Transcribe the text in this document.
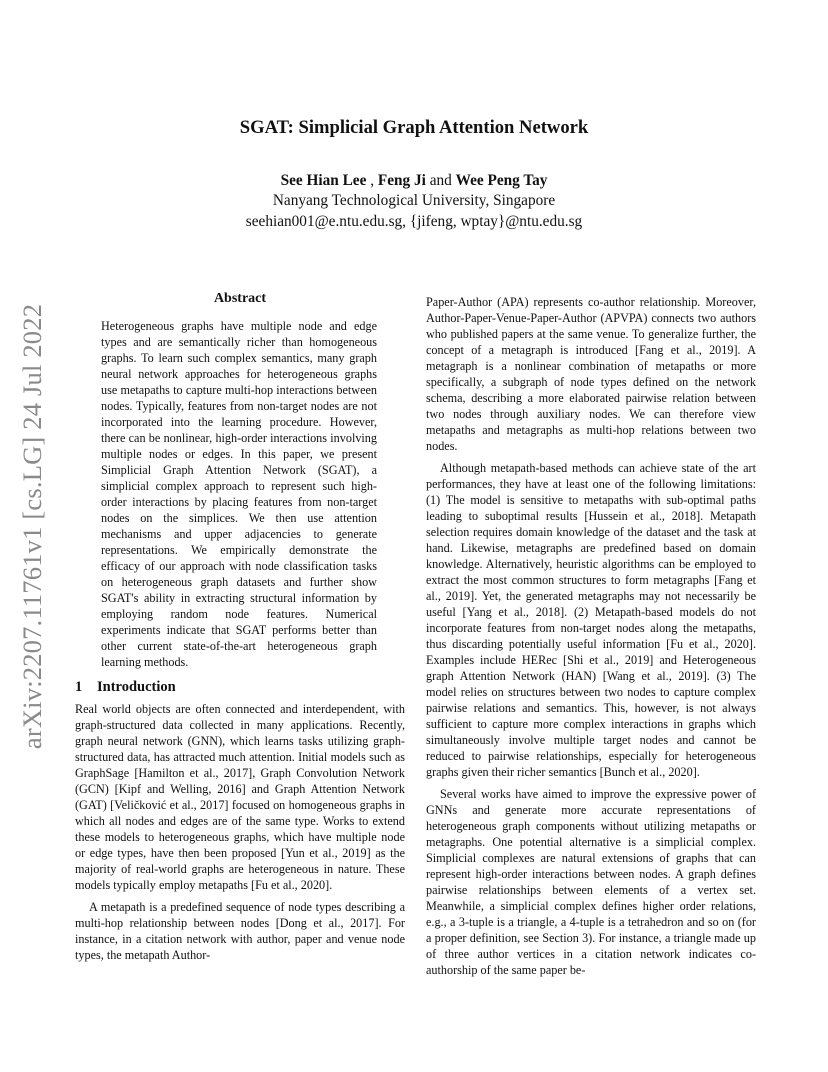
arXiv:2207.11761v1 [cs.LG] 24 Jul 2022
SGAT: Simplicial Graph Attention Network
See Hian Lee , Feng Ji and Wee Peng Tay
Nanyang Technological University, Singapore
seehian001@e.ntu.edu.sg, {jifeng, wptay}@ntu.edu.sg
Abstract

Heterogeneous graphs have multiple node and edge types and are semantically richer than homogeneous graphs. To learn such complex semantics, many graph neural network approaches for heterogeneous graphs use metapaths to capture multi-hop interactions between nodes. Typically, features from non-target nodes are not incorporated into the learning procedure. However, there can be nonlinear, high-order interactions involving multiple nodes or edges. In this paper, we present Simplicial Graph Attention Network (SGAT), a simplicial complex approach to represent such high-order interactions by placing features from non-target nodes on the simplices. We then use attention mechanisms and upper adjacencies to generate representations. We empirically demonstrate the efficacy of our approach with node classification tasks on heterogeneous graph datasets and further show SGAT's ability in extracting structural information by employing random node features. Numerical experiments indicate that SGAT performs better than other current state-of-the-art heterogeneous graph learning methods.

1 Introduction

Real world objects are often connected and interdependent, with graph-structured data collected in many applications. Recently, graph neural network (GNN), which learns tasks utilizing graph-structured data, has attracted much attention. Initial models such as GraphSage [Hamilton et al., 2017], Graph Convolution Network (GCN) [Kipf and Welling, 2016] and Graph Attention Network (GAT) [Veličković et al., 2017] focused on homogeneous graphs in which all nodes and edges are of the same type. Works to extend these models to heterogeneous graphs, which have multiple node or edge types, have then been proposed [Yun et al., 2019] as the majority of real-world graphs are heterogeneous in nature. These models typically employ metapaths [Fu et al., 2020].

A metapath is a predefined sequence of node types describing a multi-hop relationship between nodes [Dong et al., 2017]. For instance, in a citation network with author, paper and venue node types, the metapath Author-

Paper-Author (APA) represents co-author relationship. Moreover, Author-Paper-Venue-Paper-Author (APVPA) connects two authors who published papers at the same venue. To generalize further, the concept of a metagraph is introduced [Fang et al., 2019]. A metagraph is a nonlinear combination of metapaths or more specifically, a subgraph of node types defined on the network schema, describing a more elaborated pairwise relation between two nodes through auxiliary nodes. We can therefore view metapaths and metagraphs as multi-hop relations between two nodes.

Although metapath-based methods can achieve state of the art performances, they have at least one of the following limitations: (1) The model is sensitive to metapaths with sub-optimal paths leading to suboptimal results [Hussein et al., 2018]. Metapath selection requires domain knowledge of the dataset and the task at hand. Likewise, metagraphs are predefined based on domain knowledge. Alternatively, heuristic algorithms can be employed to extract the most common structures to form metagraphs [Fang et al., 2019]. Yet, the generated metagraphs may not necessarily be useful [Yang et al., 2018]. (2) Metapath-based models do not incorporate features from non-target nodes along the metapaths, thus discarding potentially useful information [Fu et al., 2020]. Examples include HERec [Shi et al., 2019] and Heterogeneous graph Attention Network (HAN) [Wang et al., 2019]. (3) The model relies on structures between two nodes to capture complex pairwise relations and semantics. This, however, is not always sufficient to capture more complex interactions in graphs which simultaneously involve multiple target nodes and cannot be reduced to pairwise relationships, especially for heterogeneous graphs given their richer semantics [Bunch et al., 2020].

Several works have aimed to improve the expressive power of GNNs and generate more accurate representations of heterogeneous graph components without utilizing metapaths or metagraphs. One potential alternative is a simplicial complex. Simplicial complexes are natural extensions of graphs that can represent high-order interactions between nodes. A graph defines pairwise relationships between elements of a vertex set. Meanwhile, a simplicial complex defines higher order relations, e.g., a 3-tuple is a triangle, a 4-tuple is a tetrahedron and so on (for a proper definition, see Section 3). For instance, a triangle made up of three author vertices in a citation network indicates co-authorship of the same paper be-
